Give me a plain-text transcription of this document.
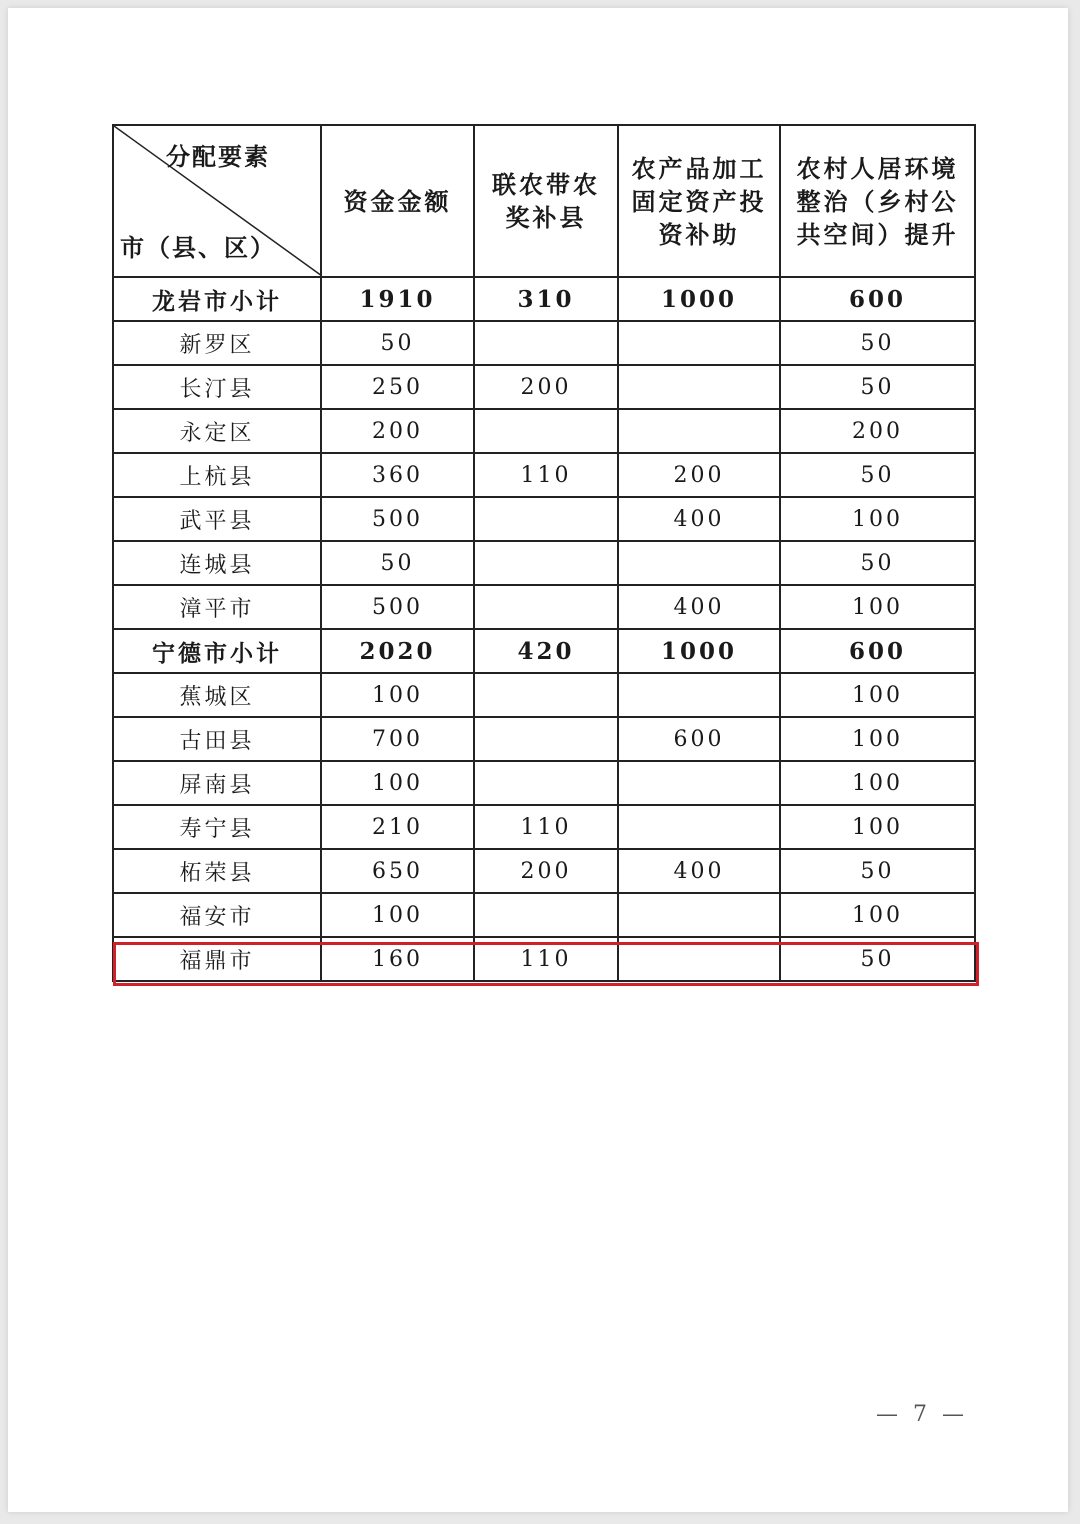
分配要素
市（县、区）	资金金额	联农带农奖补县	农产品加工固定资产投资补助	农村人居环境整治（乡村公共空间）提升
龙岩市小计	1910	310	1000	600
新罗区	50			50
长汀县	250	200		50
永定区	200			200
上杭县	360	110	200	50
武平县	500		400	100
连城县	50			50
漳平市	500		400	100
宁德市小计	2020	420	1000	600
蕉城区	100			100
古田县	700		600	100
屏南县	100			100
寿宁县	210	110		100
柘荣县	650	200	400	50
福安市	100			100
福鼎市	160	110		50
— 7 —
